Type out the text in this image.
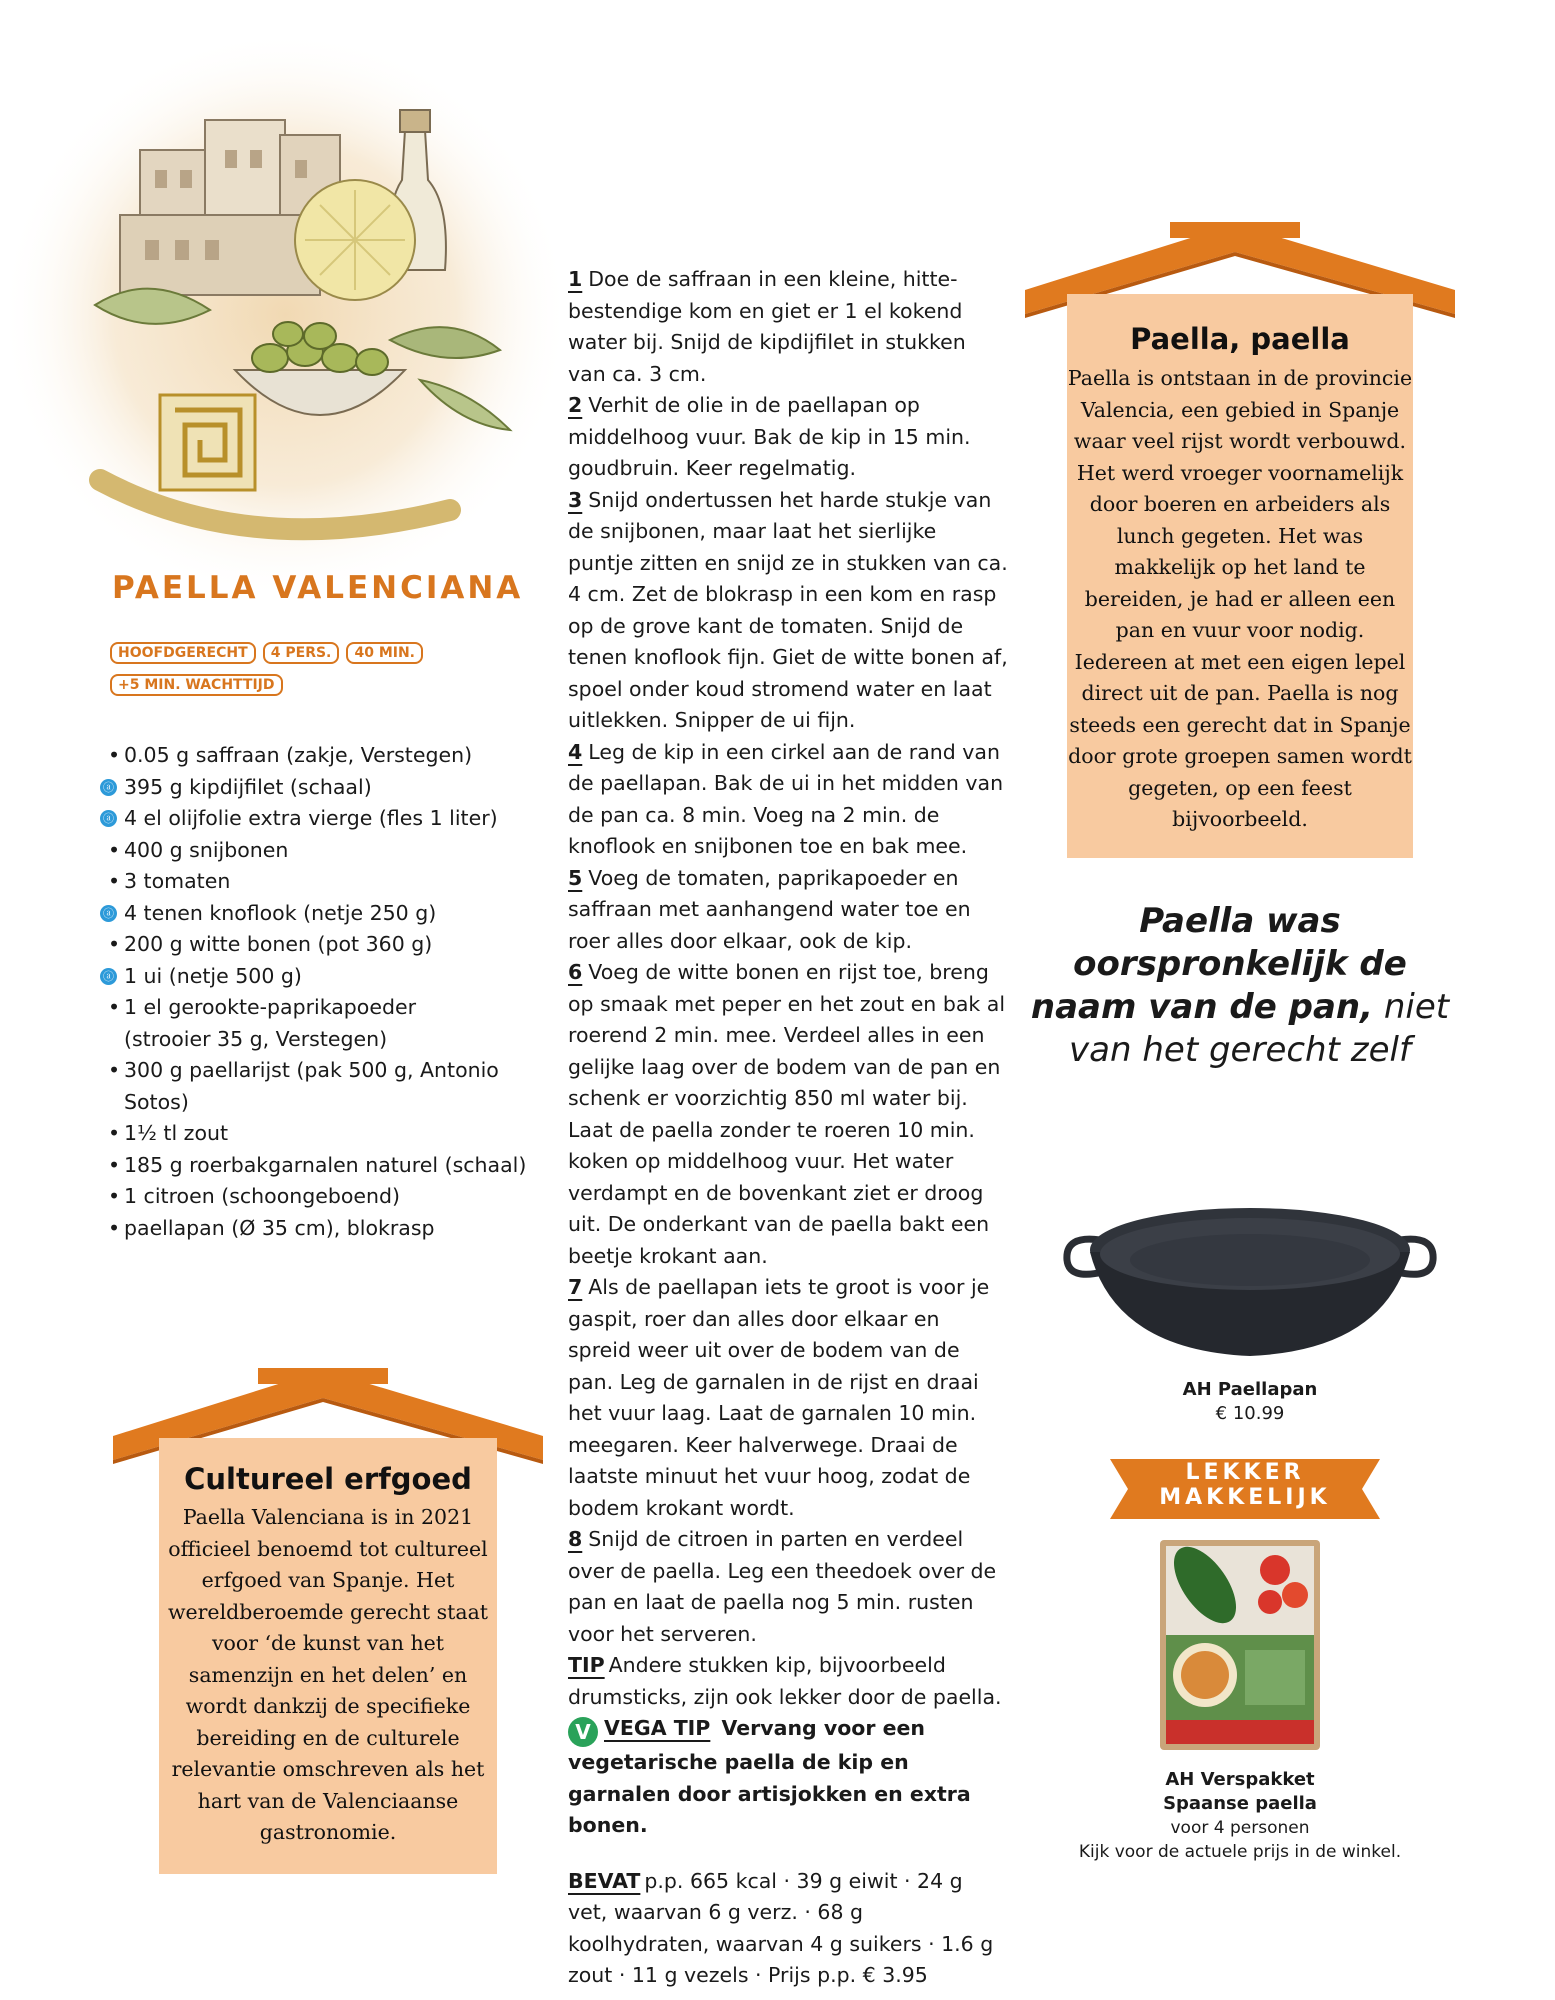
PAELLA VALENCIANA
HOOFDGERECHT 4 PERS. 40 MIN. +5 MIN. WACHTTIJD
• 0.05 g saffraan (zakje, Verstegen)
ⓐ 395 g kipdijfilet (schaal)
ⓐ 4 el olijfolie extra vierge (fles 1 liter)
• 400 g snijbonen
• 3 tomaten
ⓐ 4 tenen knoflook (netje 250 g)
• 200 g witte bonen (pot 360 g)
ⓐ 1 ui (netje 500 g)
• 1 el gerookte-paprikapoeder
(strooier 35 g, Verstegen)
• 300 g paellarijst (pak 500 g, Antonio Sotos)
• 1½ tl zout
• 185 g roerbakgarnalen naturel (schaal)
• 1 citroen (schoongeboend)
• paellapan (Ø 35 cm), blokrasp

1 Doe de saffraan in een kleine, hitte-bestendige kom en giet er 1 el kokend water bij. Snijd de kipdijfilet in stukken van ca. 3 cm.

2 Verhit de olie in de paellapan op middelhoog vuur. Bak de kip in 15 min. goudbruin. Keer regelmatig.

3 Snijd ondertussen het harde stukje van de snijbonen, maar laat het sierlijke puntje zitten en snijd ze in stukken van ca. 4 cm. Zet de blokrasp in een kom en rasp op de grove kant de tomaten. Snijd de tenen knoflook fijn. Giet de witte bonen af, spoel onder koud stromend water en laat uitlekken. Snipper de ui fijn.

4 Leg de kip in een cirkel aan de rand van de paellapan. Bak de ui in het midden van de pan ca. 8 min. Voeg na 2 min. de knoflook en snijbonen toe en bak mee.

5 Voeg de tomaten, paprikapoeder en saffraan met aanhangend water toe en roer alles door elkaar, ook de kip.

6 Voeg de witte bonen en rijst toe, breng op smaak met peper en het zout en bak al roerend 2 min. mee. Verdeel alles in een gelijke laag over de bodem van de pan en schenk er voorzichtig 850 ml water bij. Laat de paella zonder te roeren 10 min. koken op middelhoog vuur. Het water verdampt en de bovenkant ziet er droog uit. De onderkant van de paella bakt een beetje krokant aan.

7 Als de paellapan iets te groot is voor je gaspit, roer dan alles door elkaar en spreid weer uit over de bodem van de pan. Leg de garnalen in de rijst en draai het vuur laag. Laat de garnalen 10 min. meegaren. Keer halverwege. Draai de laatste minuut het vuur hoog, zodat de bodem krokant wordt.

8 Snijd de citroen in parten en verdeel over de paella. Leg een theedoek over de pan en laat de paella nog 5 min. rusten voor het serveren.

TIP Andere stukken kip, bijvoorbeeld drumsticks, zijn ook lekker door de paella.

V VEGA TIP Vervang voor een vegetarische paella de kip en garnalen door artisjokken en extra bonen.

BEVAT p.p. 665 kcal · 39 g eiwit · 24 g vet, waarvan 6 g verz. · 68 g koolhydraten, waarvan 4 g suikers · 1.6 g zout · 11 g vezels · Prijs p.p. € 3.95

Paella, paella
Paella is ontstaan in de provincie Valencia, een gebied in Spanje waar veel rijst wordt verbouwd. Het werd vroeger voornamelijk door boeren en arbeiders als lunch gegeten. Het was makkelijk op het land te bereiden, je had er alleen een pan en vuur voor nodig. Iedereen at met een eigen lepel direct uit de pan. Paella is nog steeds een gerecht dat in Spanje door grote groepen samen wordt gegeten, op een feest bijvoorbeeld.
Cultureel erfgoed
Paella Valenciana is in 2021 officieel benoemd tot cultureel erfgoed van Spanje. Het wereldberoemde gerecht staat voor ‘de kunst van het samenzijn en het delen’ en wordt dankzij de specifieke bereiding en de culturele relevantie omschreven als het hart van de Valenciaanse gastronomie.
Paella was oorspronkelijk de naam van de pan, niet van het gerecht zelf
AH Paellapan
€ 10.99
LEKKER
MAKKELIJK
AH Verspakket
Spaanse paella
voor 4 personen
Kijk voor de actuele prijs in de winkel.
